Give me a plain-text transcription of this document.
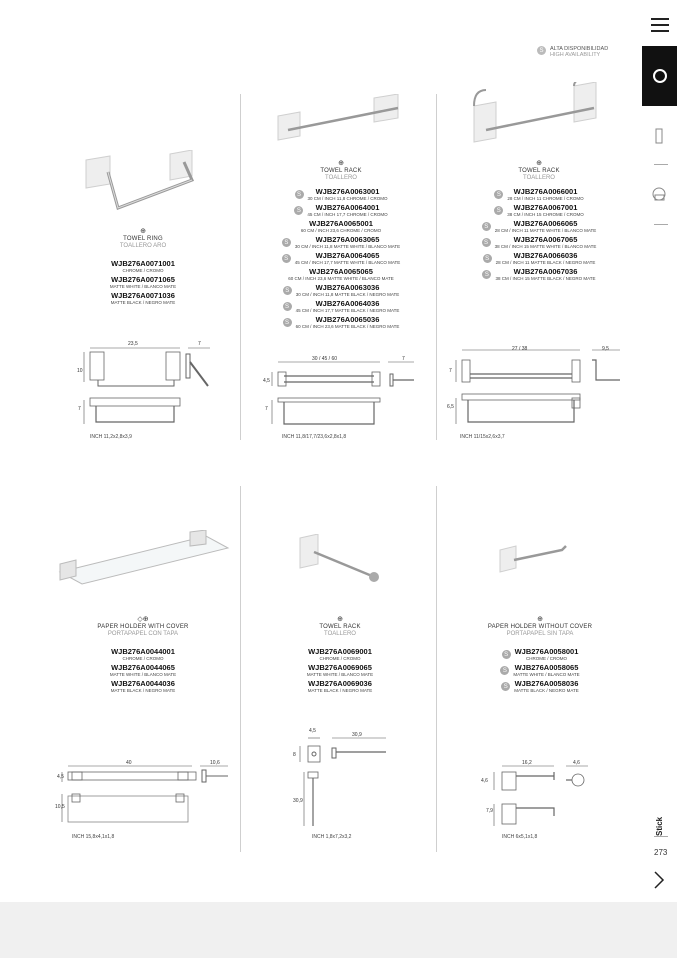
S	ALTA DISPONIBILIDAD
HIGH AVAILABILITY
⊕
TOWEL RING
TOALLERO ARO
WJB276A0071001
CHROME / CROMO
WJB276A0071065
MATTE WHITE / BLANCO MATE
WJB276A0071036
MATTE BLACK / NEGRO MATE
23,5	7
10
7
INCH 11,2x2,8x3,9
⊕
TOWEL RACK
TOALLERO
S	WJB276A0063001
30 CM / INCH 11,8 CHROME / CROMO
S	WJB276A0064001
45 CM / INCH 17,7 CHROME / CROMO
WJB276A0065001
60 CM / INCH 23,6 CHROME / CROMO
S	WJB276A0063065
30 CM / INCH 11,8 MATTE WHITE / BLANCO MATE
S	WJB276A0064065
45 CM / INCH 17,7 MATTE WHITE / BLANCO MATE
WJB276A0065065
60 CM / INCH 23,6 MATTE WHITE / BLANCO MATE
S	WJB276A0063036
30 CM / INCH 11,8 MATTE BLACK / NEGRO MATE
S	WJB276A0064036
45 CM / INCH 17,7 MATTE BLACK / NEGRO MATE
S	WJB276A0065036
60 CM / INCH 23,6 MATTE BLACK / NEGRO MATE
30 / 45 / 60	7
4,5
7
INCH 11,8/17,7/23,6x2,8x1,8
⊕
TOWEL RACK
TOALLERO
S	WJB276A0066001
28 CM / INCH 11 CHROME / CROMO
S	WJB276A0067001
38 CM / INCH 15 CHROME / CROMO
S	WJB276A0066065
28 CM / INCH 11 MATTE WHITE / BLANCO MATE
S	WJB276A0067065
38 CM / INCH 15 MATTE WHITE / BLANCO MATE
S	WJB276A0066036
28 CM / INCH 11 MATTE BLACK / NEGRO MATE
S	WJB276A0067036
38 CM / INCH 15 MATTE BLACK / NEGRO MATE
27 / 38	9,5
7
6,5
INCH 11/15x2,6x3,7
◇⊕
PAPER HOLDER WITH COVER
PORTAPAPEL CON TAPA
WJB276A0044001
CHROME / CROMO
WJB276A0044065
MATTE WHITE / BLANCO MATE
WJB276A0044036
MATTE BLACK / NEGRO MATE
40	10,6
4,5
10,5
INCH 15,8x4,1x1,8
⊕
TOWEL RACK
TOALLERO
WJB276A0069001
CHROME / CROMO
WJB276A0069065
MATTE WHITE / BLANCO MATE
WJB276A0069036
MATTE BLACK / NEGRO MATE
30,9
4,5
8
30,9
INCH 1,8x7,2x3,2
⊕
PAPER HOLDER WITHOUT COVER
PORTAPAPEL SIN TAPA
S WJB276A0058001
CHROME / CROMO
S	WJB276A0058065
MATTE WHITE / BLANCO MATE
S WJB276A0058036
MATTE BLACK / NEGRO MATE
16,2	4,6
4,6
7,9
INCH 6x5,1x1,8
273
Stick
